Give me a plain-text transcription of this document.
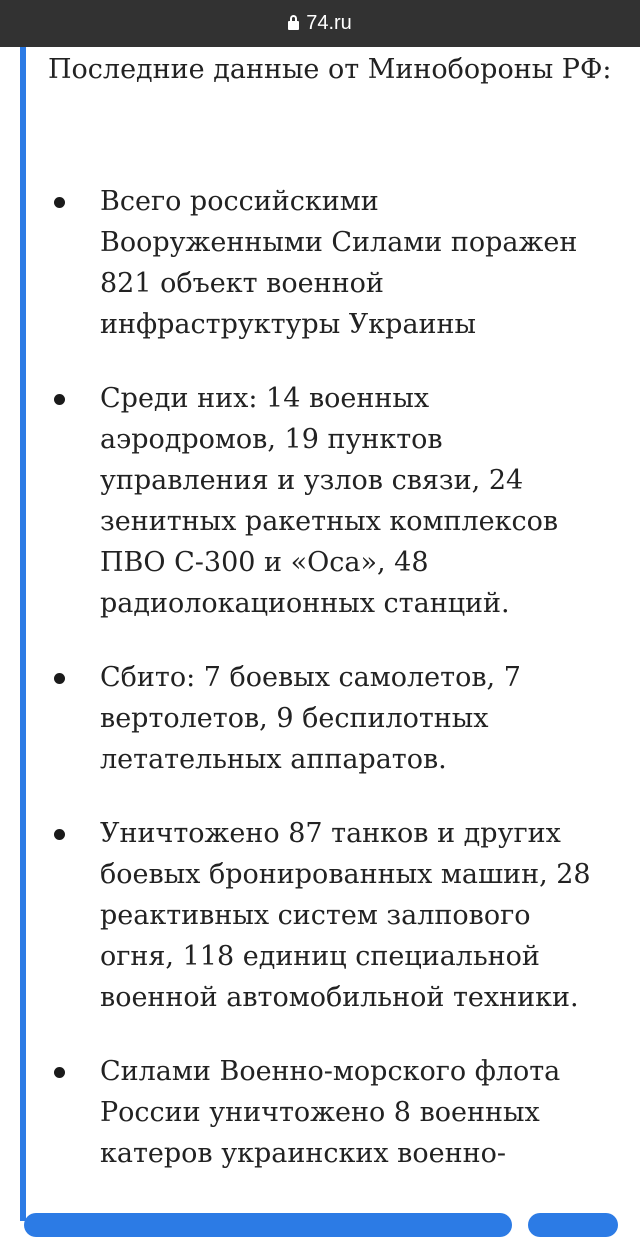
74.ru
Последние данные от Минобороны РФ:
Всего российскими Вооруженными Силами поражен 821 объект военной инфраструктуры Украины
Среди них: 14 военных аэродромов, 19 пунктов управления и узлов связи, 24 зенитных ракетных комплексов ПВО С-300 и «Оса», 48 радиолокационных станций.
Сбито: 7 боевых самолетов, 7 вертолетов, 9 беспилотных летательных аппаратов.
Уничтожено 87 танков и других боевых бронированных машин, 28 реактивных систем залпового огня, 118 единиц специальной военной автомобильной техники.
Силами Военно-морского флота России уничтожено 8 военных катеров украинских военно-
